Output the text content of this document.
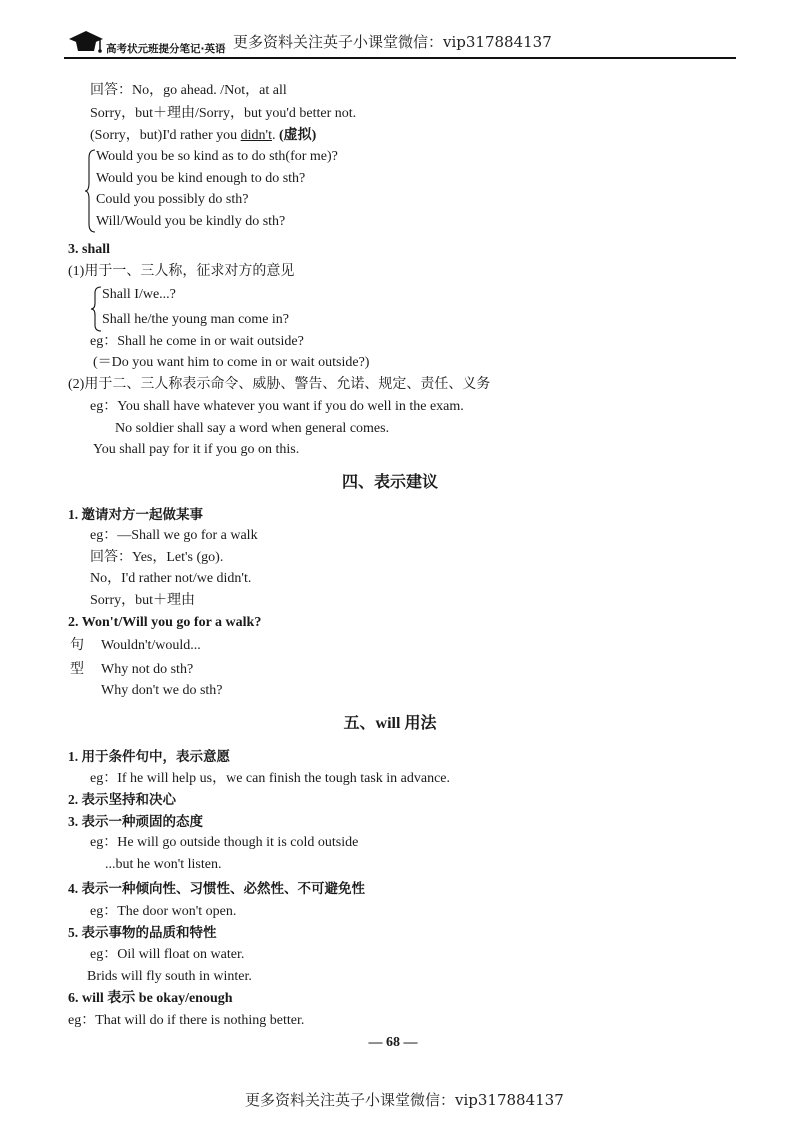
高考状元班提分笔记·英语 更多资料关注英子小课堂微信：vip317884137
回答：No，go ahead. /Not，at all
Sorry，but＋理由/Sorry，but you'd better not.
(Sorry，but)I'd rather you didn't. (虚拟)
Would you be so kind as to do sth(for me)?
Would you be kind enough to do sth?
Could you possibly do sth?
Will/Would you be kindly do sth?
3. shall
(1)用于一、三人称，征求对方的意见
Shall I/we...?
Shall he/the young man come in?
eg：Shall he come in or wait outside?
(＝Do you want him to come in or wait outside?)
(2)用于二、三人称表示命令、威胁、警告、允诺、规定、责任、义务
eg：You shall have whatever you want if you do well in the exam.
No soldier shall say a word when general comes.
You shall pay for it if you go on this.
四、表示建议
1. 邀请对方一起做某事
eg：—Shall we go for a walk
回答：Yes，Let's (go).
No，I'd rather not/we didn't.
Sorry，but＋理由
2. Won't/Will you go for a walk?
句
型
Wouldn't/would...
Why not do sth?
Why don't we do sth?
五、will 用法
1. 用于条件句中，表示意愿
eg：If he will help us，we can finish the tough task in advance.
2. 表示坚持和决心
3. 表示一种顽固的态度
eg：He will go outside though it is cold outside
...but he won't listen.
4. 表示一种倾向性、习惯性、必然性、不可避免性
eg：The door won't open.
5. 表示事物的品质和特性
eg：Oil will float on water.
Brids will fly south in winter.
6. will 表示 be okay/enough
eg：That will do if there is nothing better.
— 68 —
更多资料关注英子小课堂微信：vip317884137
